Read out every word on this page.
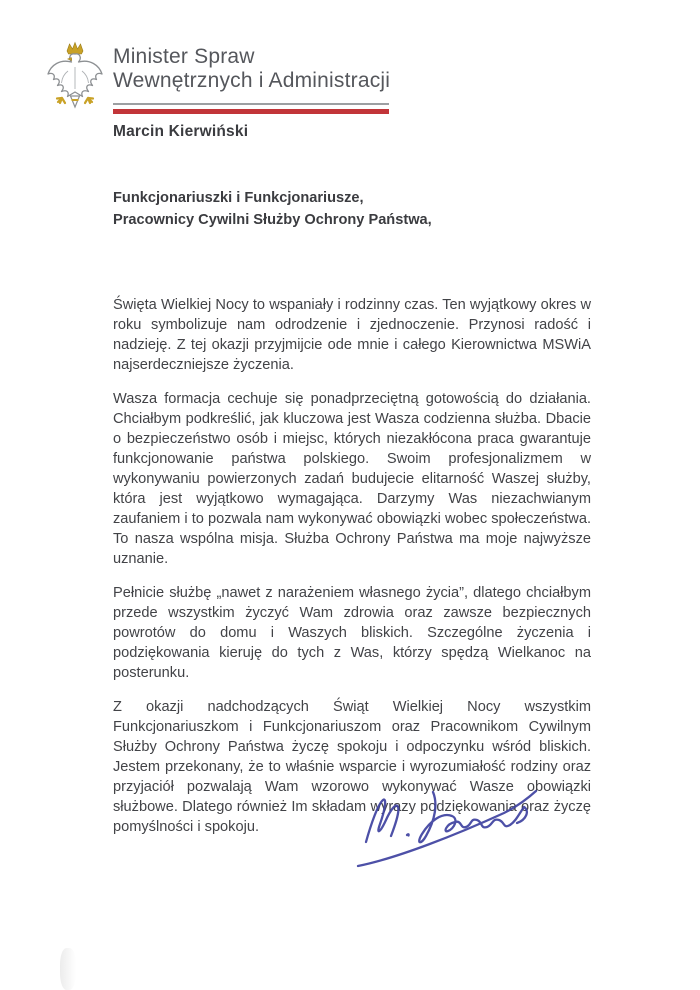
Minister Spraw
Wewnętrznych i Administracji
Marcin Kierwiński
Funkcjonariuszki i Funkcjonariusze,
Pracownicy Cywilni Służby Ochrony Państwa,

Święta Wielkiej Nocy to wspaniały i rodzinny czas. Ten wyjątkowy okres w roku symbolizuje nam odrodzenie i zjednoczenie. Przynosi radość i nadzieję. Z tej okazji przyjmijcie ode mnie i całego Kierownictwa MSWiA najserdeczniejsze życzenia.

Wasza formacja cechuje się ponadprzeciętną gotowością do działania. Chciałbym podkreślić, jak kluczowa jest Wasza codzienna służba. Dbacie o bezpieczeństwo osób i miejsc, których niezakłócona praca gwarantuje funkcjonowanie państwa polskiego. Swoim profesjonalizmem w wykonywaniu powierzonych zadań budujecie elitarność Waszej służby, która jest wyjątkowo wymagająca. Darzymy Was niezachwianym zaufaniem i to pozwala nam wykonywać obowiązki wobec społeczeństwa. To nasza wspólna misja. Służba Ochrony Państwa ma moje najwyższe uznanie.

Pełnicie służbę „nawet z narażeniem własnego życia”, dlatego chciałbym przede wszystkim życzyć Wam zdrowia oraz zawsze bezpiecznych powrotów do domu i Waszych bliskich. Szczególne życzenia i podziękowania kieruję do tych z Was, którzy spędzą Wielkanoc na posterunku.

Z okazji nadchodzących Świąt Wielkiej Nocy wszystkim Funkcjonariuszkom i Funkcjonariuszom oraz Pracownikom Cywilnym Służby Ochrony Państwa życzę spokoju i odpoczynku wśród bliskich. Jestem przekonany, że to właśnie wsparcie i wyrozumiałość rodziny oraz przyjaciół pozwalają Wam wzorowo wykonywać Wasze obowiązki służbowe. Dlatego również Im składam wyrazy podziękowania oraz życzę pomyślności i spokoju.
